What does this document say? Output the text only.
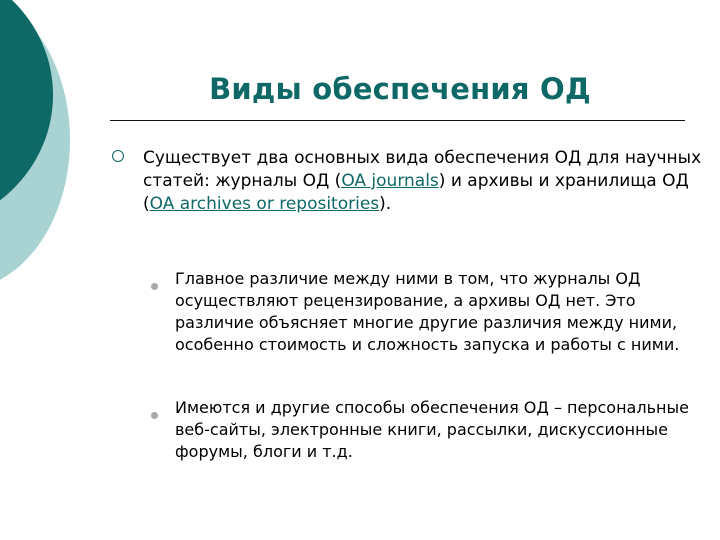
Виды обеспечения ОД
Существует два основных вида обеспечения ОД для научных статей: журналы ОД (OA journals) и архивы и хранилища ОД (OA archives or repositories).
Главное различие между ними в том, что журналы ОД осуществляют рецензирование, а архивы ОД нет. Это различие объясняет многие другие различия между ними, особенно стоимость и сложность запуска и работы с ними.
Имеются и другие способы обеспечения ОД – персональные веб-сайты, электронные книги, рассылки, дискуссионные форумы, блоги и т.д.
